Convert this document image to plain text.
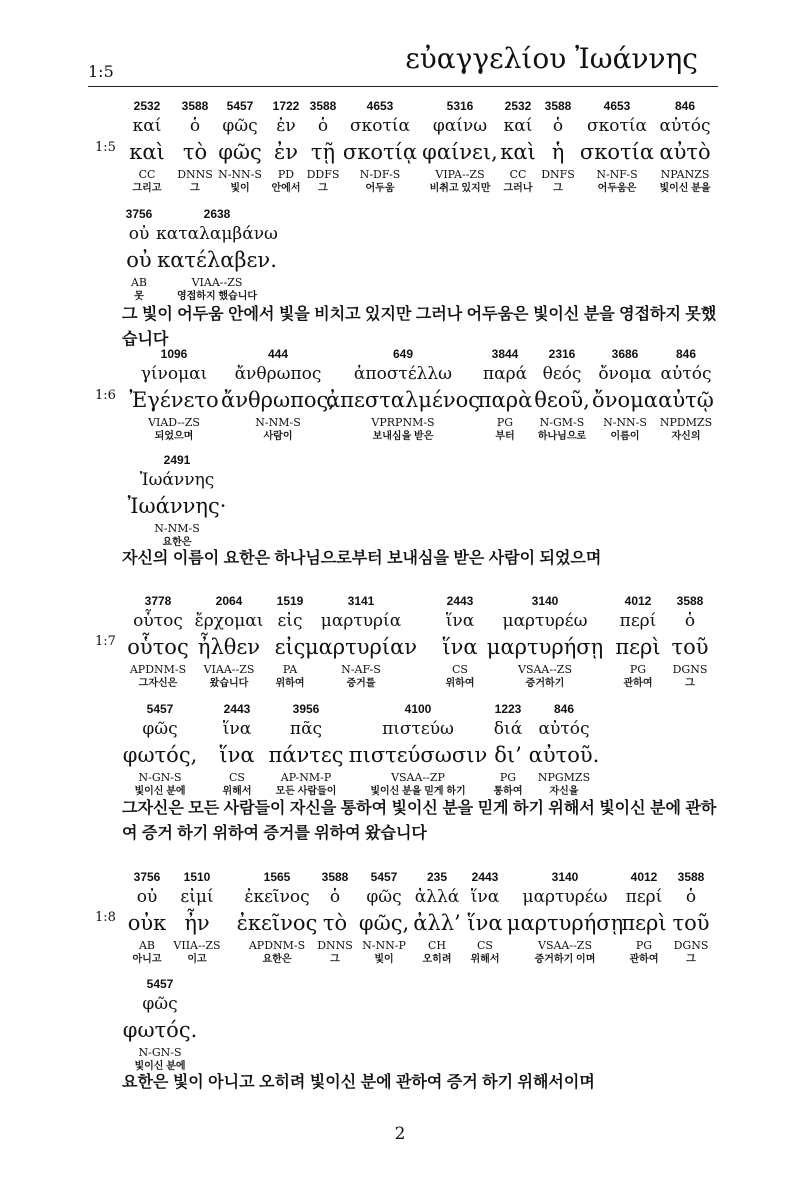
1:5	εὐαγγελίου Ἰωάννης
1:5
2532
καί
καὶ
CC
그리고
3588
ὁ
τὸ
DNNS
그
5457
φῶς
φῶς
N-NN-S
빛이
1722
ἐν
ἐν
PD
안에서
3588
ὁ
τῇ
DDFS
그
4653
σκοτία
σκοτίᾳ
N-DF-S
어두움
5316
φαίνω
φαίνει,
VIPA--ZS
비취고 있지만
2532
καί
καὶ
CC
그러나
3588
ὁ
ἡ
DNFS
그
4653
σκοτία
σκοτία
N-NF-S
어두움은
846
αὐτός
αὐτὸ
NPANZS
빛이신 분을
3756
οὐ
οὐ
AB
못
2638
καταλαμβάνω
κατέλαβεν.
VIAA--ZS
영접하지 했습니다
그 빛이 어두움 안에서 빛을 비치고 있지만 그러나 어두움은 빛이신 분을 영접하지 못했습니다
1:6
1096
γίνομαι
Ἐγένετο
VIAD--ZS
되었으며
444
ἄνθρωπος
ἄνθρωπος,
N-NM-S
사람이
649
ἀποστέλλω
ἀπεσταλμένος
VPRPNM-S
보내심을 받은
3844
παρά
παρὰ
PG
부터
2316
θεός
θεοῦ,
N-GM-S
하나님으로
3686
ὄνομα
ὄνομα
N-NN-S
이름이
846
αὐτός
αὐτῷ
NPDMZS
자신의
2491
Ἰωάννης
Ἰωάννης·
N-NM-S
요한은
자신의 이름이 요한은 하나님으로부터 보내심을 받은 사람이 되었으며
1:7
3778
οὗτος
οὗτος
APDNM-S
그자신은
2064
ἔρχομαι
ἦλθεν
VIAA--ZS
왔습니다
1519
εἰς
εἰς
PA
위하여
3141
μαρτυρία
μαρτυρίαν
N-AF-S
증거를
2443
ἵνα
ἵνα
CS
위하여
3140
μαρτυρέω
μαρτυρήσῃ
VSAA--ZS
증거하기
4012
περί
περὶ
PG
관하여
3588
ὁ
τοῦ
DGNS
그
5457
φῶς
φωτός,
N-GN-S
빛이신 분에
2443
ἵνα
ἵνα
CS
위해서
3956
πᾶς
πάντες
AP-NM-P
모든 사람들이
4100
πιστεύω
πιστεύσωσιν
VSAA--ZP
빛이신 분을 믿게 하기
1223
διά
δι’
PG
통하여
846
αὐτός
αὐτοῦ.
NPGMZS
자신을
그자신은 모든 사람들이 자신을 통하여 빛이신 분을 믿게 하기 위해서 빛이신 분에 관하여 증거 하기 위하여 증거를 위하여 왔습니다
1:8
3756
οὐ
οὐκ
AB
아니고
1510
εἰμί
ἦν
VIIA--ZS
이고
1565
ἐκεῖνος
ἐκεῖνος
APDNM-S
요한은
3588
ὁ
τὸ
DNNS
그
5457
φῶς
φῶς,
N-NN-P
빛이
235
ἀλλά
ἀλλ’
CH
오히려
2443
ἵνα
ἵνα
CS
위해서
3140
μαρτυρέω
μαρτυρήσῃ
VSAA--ZS
증거하기 이며
4012
περί
περὶ
PG
관하여
3588
ὁ
τοῦ
DGNS
그
5457
φῶς
φωτός.
N-GN-S
빛이신 분에
요한은 빛이 아니고 오히려 빛이신 분에 관하여 증거 하기 위해서이며
2
